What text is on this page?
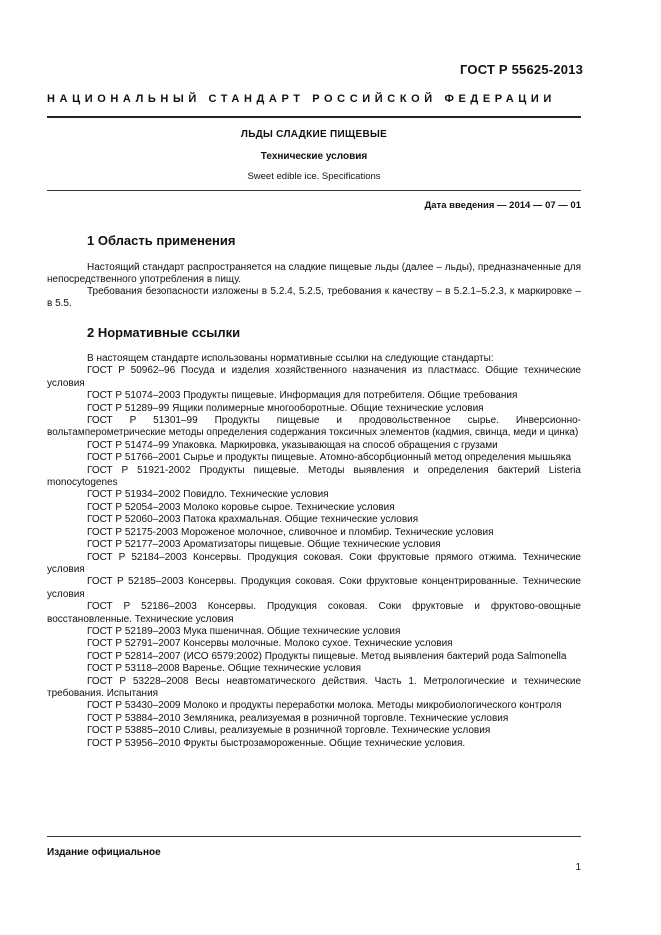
ГОСТ Р 55625-2013
НАЦИОНАЛЬНЫЙ СТАНДАРТ РОССИЙСКОЙ ФЕДЕРАЦИИ
ЛЬДЫ СЛАДКИЕ ПИЩЕВЫЕ
Технические условия
Sweet edible ice. Specifications
Дата введения — 2014 — 07 — 01
1 Область применения
Настоящий стандарт распространяется на сладкие пищевые льды (далее – льды), предназначенные для непосредственного употребления в пищу.
Требования безопасности изложены в 5.2.4, 5.2.5, требования к качеству – в 5.2.1–5.2.3, к маркировке – в 5.5.
2 Нормативные ссылки
В настоящем стандарте использованы нормативные ссылки на следующие стандарты:
ГОСТ Р 50962–96 Посуда и изделия хозяйственного назначения из пластмасс. Общие технические условия
ГОСТ Р 51074–2003 Продукты пищевые. Информация для потребителя. Общие требования
ГОСТ Р 51289–99 Ящики полимерные многооборотные. Общие технические условия
ГОСТ Р 51301–99 Продукты пищевые и продовольственное сырье. Инверсионно-вольтамперометрические методы определения содержания токсичных элементов (кадмия, свинца, меди и цинка)
ГОСТ Р 51474–99 Упаковка. Маркировка, указывающая на способ обращения с грузами
ГОСТ Р 51766–2001 Сырье и продукты пищевые. Атомно-абсорбционный метод определения мышьяка
ГОСТ Р 51921-2002 Продукты пищевые. Методы выявления и определения бактерий Listeria monocytogenes
ГОСТ Р 51934–2002 Повидло. Технические условия
ГОСТ Р 52054–2003 Молоко коровье сырое. Технические условия
ГОСТ Р 52060–2003 Патока крахмальная. Общие технические условия
ГОСТ Р 52175-2003 Мороженое молочное, сливочное и пломбир. Технические условия
ГОСТ Р 52177–2003 Ароматизаторы пищевые. Общие технические условия
ГОСТ Р 52184–2003 Консервы. Продукция соковая. Соки фруктовые прямого отжима. Технические условия
ГОСТ Р 52185–2003 Консервы. Продукция соковая. Соки фруктовые концентрированные. Технические условия
ГОСТ Р 52186–2003 Консервы. Продукция соковая. Соки фруктовые и фруктово-овощные восстановленные. Технические условия
ГОСТ Р 52189–2003 Мука пшеничная. Общие технические условия
ГОСТ Р 52791–2007 Консервы молочные. Молоко сухое. Технические условия
ГОСТ Р 52814–2007 (ИСО 6579:2002) Продукты пищевые. Метод выявления бактерий рода Salmonella
ГОСТ Р 53118–2008 Варенье. Общие технические условия
ГОСТ Р 53228–2008 Весы неавтоматического действия. Часть 1. Метрологические и технические требования. Испытания
ГОСТ Р 53430–2009 Молоко и продукты переработки молока. Методы микробиологического контроля
ГОСТ Р 53884–2010 Земляника, реализуемая в розничной торговле. Технические условия
ГОСТ Р 53885–2010 Сливы, реализуемые в розничной торговле. Технические условия
ГОСТ Р 53956–2010 Фрукты быстрозамороженные. Общие технические условия.
Издание официальное
1
